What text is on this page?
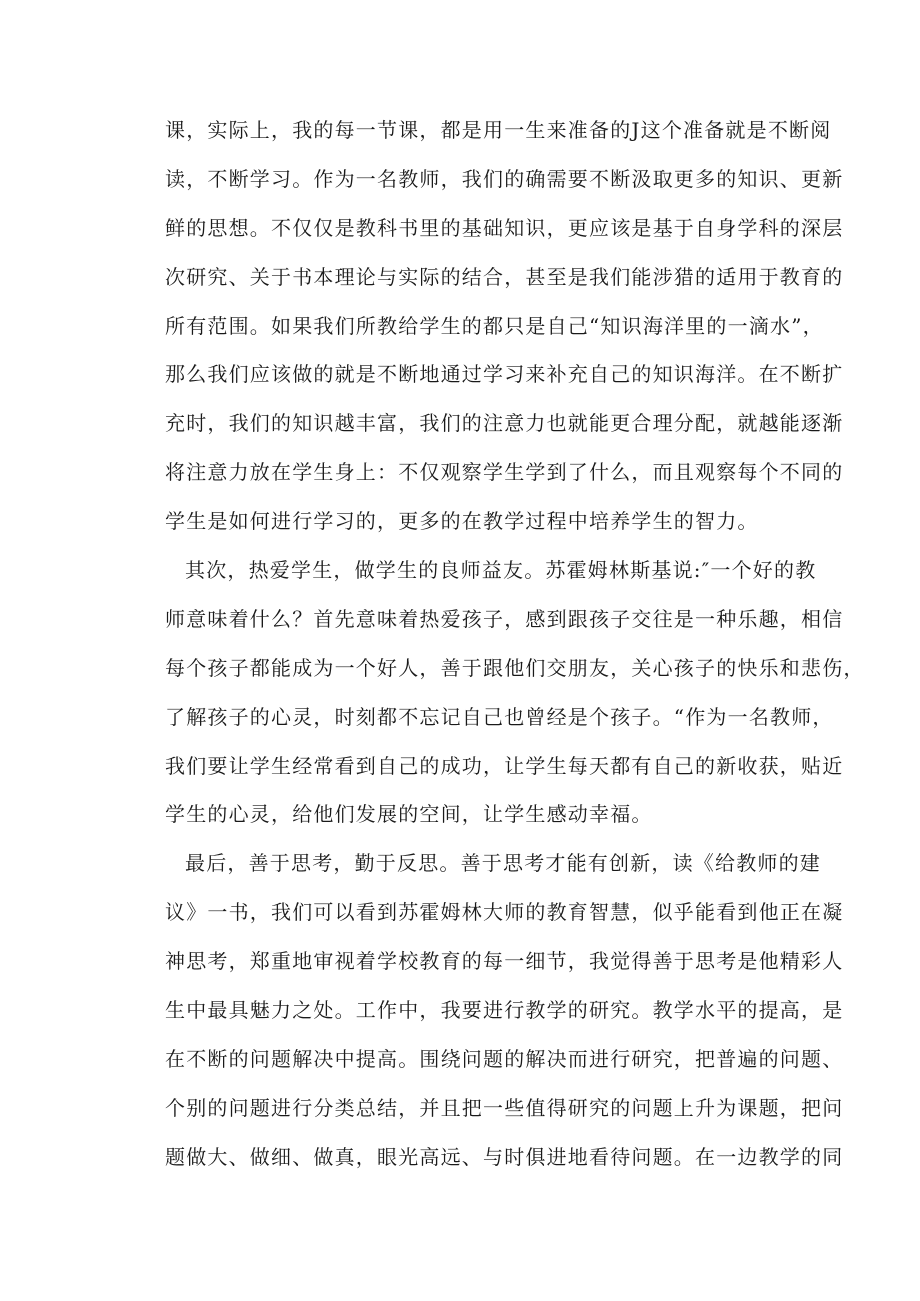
课，实际上，我的每一节课，都是用一生来准备的J这个准备就是不断阅
读，不断学习。作为一名教师，我们的确需要不断汲取更多的知识、更新
鲜的思想。不仅仅是教科书里的基础知识，更应该是基于自身学科的深层
次研究、关于书本理论与实际的结合，甚至是我们能涉猎的适用于教育的
所有范围。如果我们所教给学生的都只是自己“知识海洋里的一滴水”，
那么我们应该做的就是不断地通过学习来补充自己的知识海洋。在不断扩
充时，我们的知识越丰富，我们的注意力也就能更合理分配，就越能逐渐
将注意力放在学生身上：不仅观察学生学到了什么，而且观察每个不同的
学生是如何进行学习的，更多的在教学过程中培养学生的智力。
其次，热爱学生，做学生的良师益友。苏霍姆林斯基说:″一个好的教
师意味着什么？首先意味着热爱孩子，感到跟孩子交往是一种乐趣，相信
每个孩子都能成为一个好人，善于跟他们交朋友，关心孩子的快乐和悲伤，
了解孩子的心灵，时刻都不忘记自己也曾经是个孩子。“作为一名教师，
我们要让学生经常看到自己的成功，让学生每天都有自己的新收获，贴近
学生的心灵，给他们发展的空间，让学生感动幸福。
最后，善于思考，勤于反思。善于思考才能有创新，读《给教师的建
议》一书，我们可以看到苏霍姆林大师的教育智慧，似乎能看到他正在凝
神思考，郑重地审视着学校教育的每一细节，我觉得善于思考是他精彩人
生中最具魅力之处。工作中，我要进行教学的研究。教学水平的提高，是
在不断的问题解决中提高。围绕问题的解决而进行研究，把普遍的问题、
个别的问题进行分类总结，并且把一些值得研究的问题上升为课题，把问
题做大、做细、做真，眼光高远、与时俱进地看待问题。在一边教学的同
